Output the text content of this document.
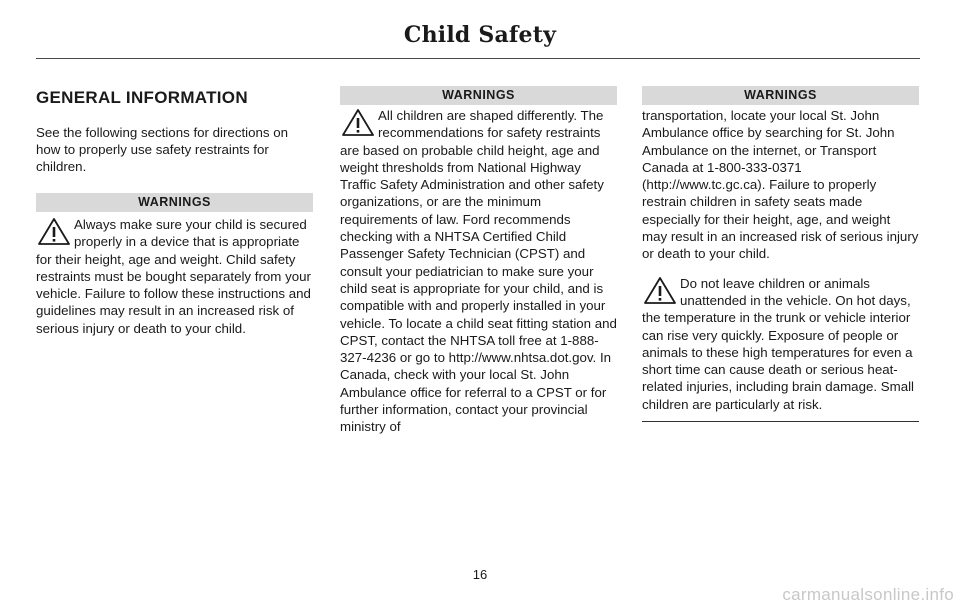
Child Safety
GENERAL INFORMATION

See the following sections for directions on how to properly use safety restraints for children.

WARNINGS

Always make sure your child is secured properly in a device that is appropriate for their height, age and weight. Child safety restraints must be bought separately from your vehicle. Failure to follow these instructions and guidelines may result in an increased risk of serious injury or death to your child.

WARNINGS

All children are shaped differently. The recommendations for safety restraints are based on probable child height, age and weight thresholds from National Highway Traffic Safety Administration and other safety organizations, or are the minimum requirements of law. Ford recommends checking with a NHTSA Certified Child Passenger Safety Technician (CPST) and consult your pediatrician to make sure your child seat is appropriate for your child, and is compatible with and properly installed in your vehicle. To locate a child seat fitting station and CPST, contact the NHTSA toll free at 1-888-327-4236 or go to http://www.nhtsa.dot.gov. In Canada, check with your local St. John Ambulance office for referral to a CPST or for further information, contact your provincial ministry of

WARNINGS

transportation, locate your local St. John Ambulance office by searching for St. John Ambulance on the internet, or Transport Canada at 1-800-333-0371 (http://www.tc.gc.ca). Failure to properly restrain children in safety seats made especially for their height, age, and weight may result in an increased risk of serious injury or death to your child.

Do not leave children or animals unattended in the vehicle. On hot days, the temperature in the trunk or vehicle interior can rise very quickly. Exposure of people or animals to these high temperatures for even a short time can cause death or serious heat-related injuries, including brain damage. Small children are particularly at risk.

16
carmanualsonline.info
